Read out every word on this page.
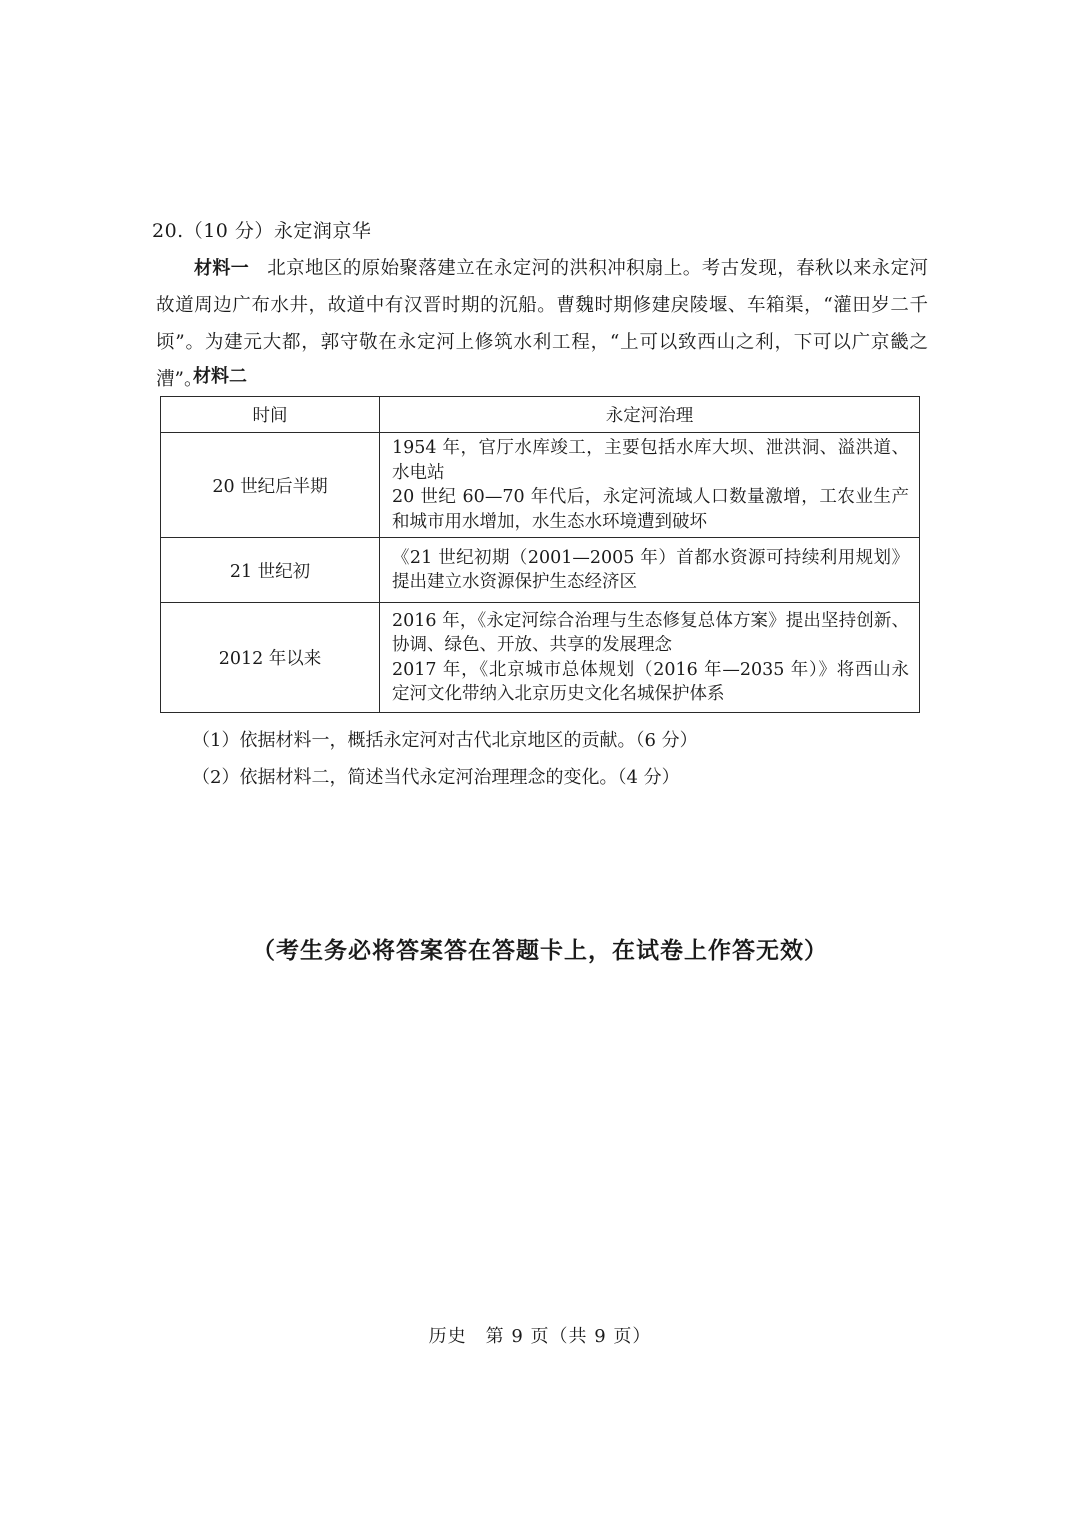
20.（10 分）永定润京华
材料一 北京地区的原始聚落建立在永定河的洪积冲积扇上。考古发现，春秋以来永定河故道周边广布水井，故道中有汉晋时期的沉船。曹魏时期修建戾陵堰、车箱渠，“灌田岁二千顷”。为建元大都，郭守敬在永定河上修筑水利工程，“上可以致西山之利，下可以广京畿之漕”。
材料二
时间	永定河治理
20 世纪后半期	1954 年，官厅水库竣工，主要包括水库大坝、泄洪洞、溢洪道、水电站
20 世纪 60—70 年代后，永定河流域人口数量激增，工农业生产和城市用水增加，水生态水环境遭到破坏

21 世纪初	《21 世纪初期（2001—2005 年）首都水资源可持续利用规划》提出建立水资源保护生态经济区

2012 年以来	2016 年，《永定河综合治理与生态修复总体方案》提出坚持创新、协调、绿色、开放、共享的发展理念
2017 年，《北京城市总体规划（2016 年—2035 年）》将西山永定河文化带纳入北京历史文化名城保护体系
（1）依据材料一，概括永定河对古代北京地区的贡献。（6 分）
（2）依据材料二，简述当代永定河治理理念的变化。（4 分）
（考生务必将答案答在答题卡上，在试卷上作答无效）
历史　第 9 页（共 9 页）
